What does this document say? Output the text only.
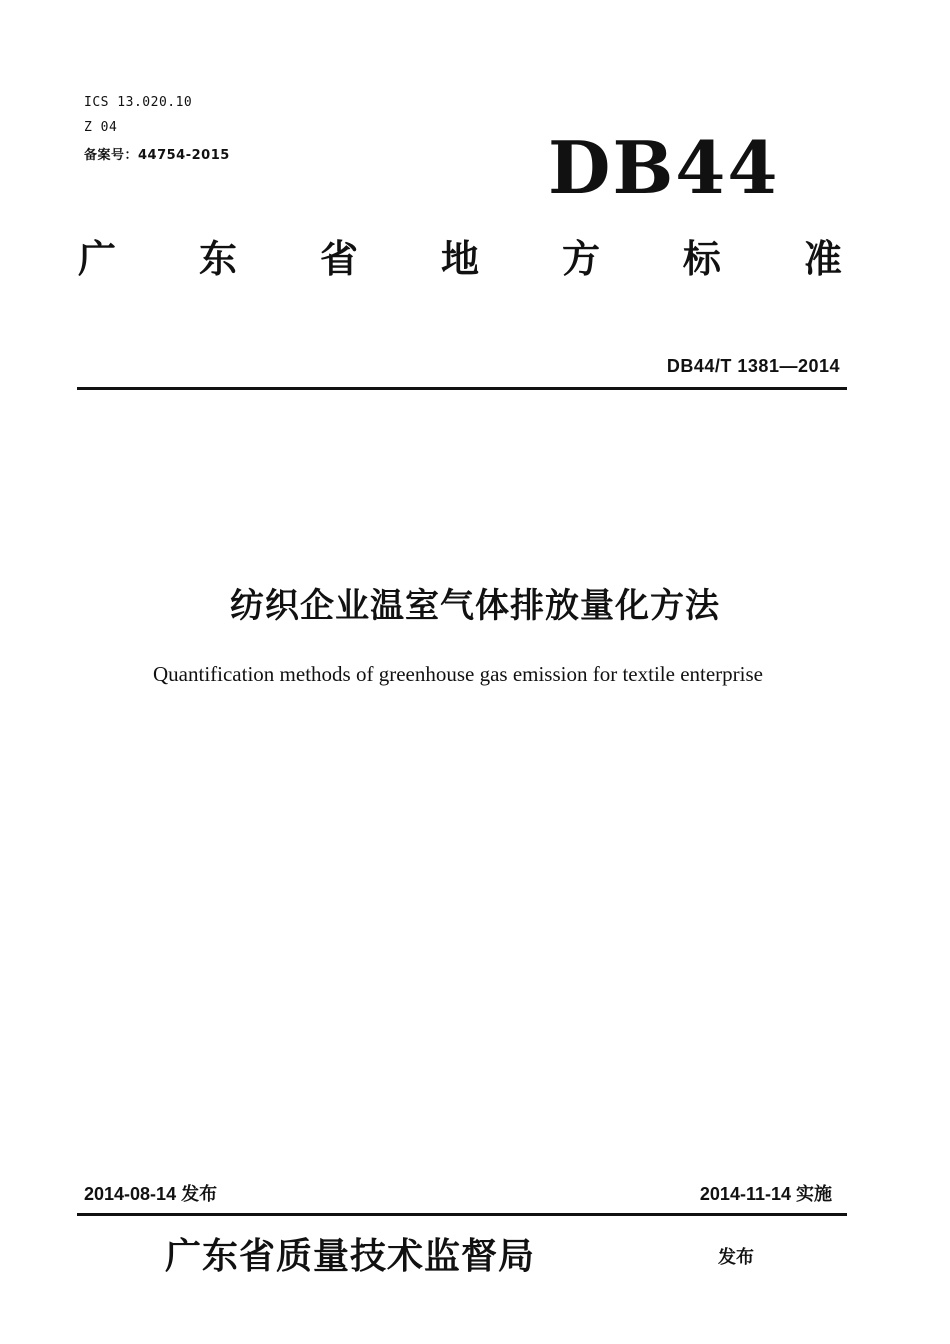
ICS 13.020.10
Z 04
备案号：44754-2015	DB44
广 东 省 地 方 标 准
DB44/T 1381—2014
纺织企业温室气体排放量化方法
Quantification methods of greenhouse gas emission for textile enterprise
2014-08-14 发布	2014-11-14 实施
广东省质量技术监督局	发布
